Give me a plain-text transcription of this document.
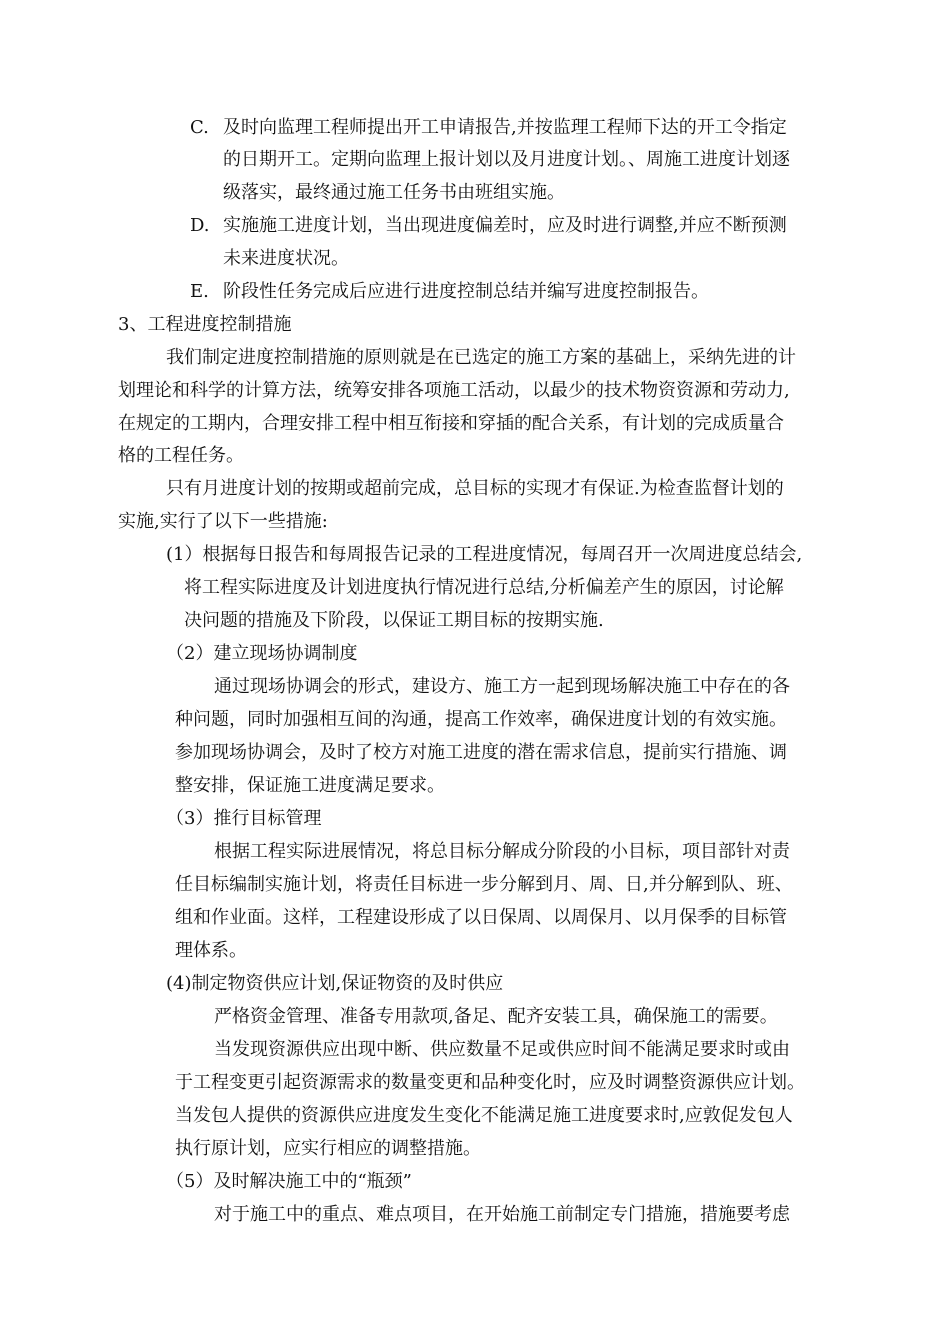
C. 及时向监理工程师提出开工申请报告,并按监理工程师下达的开工令指定
的日期开工。定期向监理上报计划以及月进度计划。、周施工进度计划逐
级落实，最终通过施工任务书由班组实施。
D. 实施施工进度计划，当出现进度偏差时，应及时进行调整,并应不断预测
未来进度状况。
E. 阶段性任务完成后应进行进度控制总结并编写进度控制报告。
3、工程进度控制措施
我们制定进度控制措施的原则就是在已选定的施工方案的基础上，采纳先进的计
划理论和科学的计算方法，统筹安排各项施工活动，以最少的技术物资资源和劳动力,
在规定的工期内，合理安排工程中相互衔接和穿插的配合关系，有计划的完成质量合
格的工程任务。
只有月进度计划的按期或超前完成，总目标的实现才有保证.为检查监督计划的
实施,实行了以下一些措施:
(1）根据每日报告和每周报告记录的工程进度情况，每周召开一次周进度总结会,
将工程实际进度及计划进度执行情况进行总结,分析偏差产生的原因，讨论解
决问题的措施及下阶段，以保证工期目标的按期实施.
（2）建立现场协调制度
通过现场协调会的形式，建设方、施工方一起到现场解决施工中存在的各
种问题，同时加强相互间的沟通，提高工作效率，确保进度计划的有效实施。
参加现场协调会，及时了校方对施工进度的潜在需求信息，提前实行措施、调
整安排，保证施工进度满足要求。
（3）推行目标管理
根据工程实际进展情况，将总目标分解成分阶段的小目标，项目部针对责
任目标编制实施计划，将责任目标进一步分解到月、周、日,并分解到队、班、
组和作业面。这样，工程建设形成了以日保周、以周保月、以月保季的目标管
理体系。
(4)制定物资供应计划,保证物资的及时供应
严格资金管理、准备专用款项,备足、配齐安装工具，确保施工的需要。
当发现资源供应出现中断、供应数量不足或供应时间不能满足要求时或由
于工程变更引起资源需求的数量变更和品种变化时，应及时调整资源供应计划。
当发包人提供的资源供应进度发生变化不能满足施工进度要求时,应敦促发包人
执行原计划，应实行相应的调整措施。
（5）及时解决施工中的“瓶颈”
对于施工中的重点、难点项目，在开始施工前制定专门措施，措施要考虑
